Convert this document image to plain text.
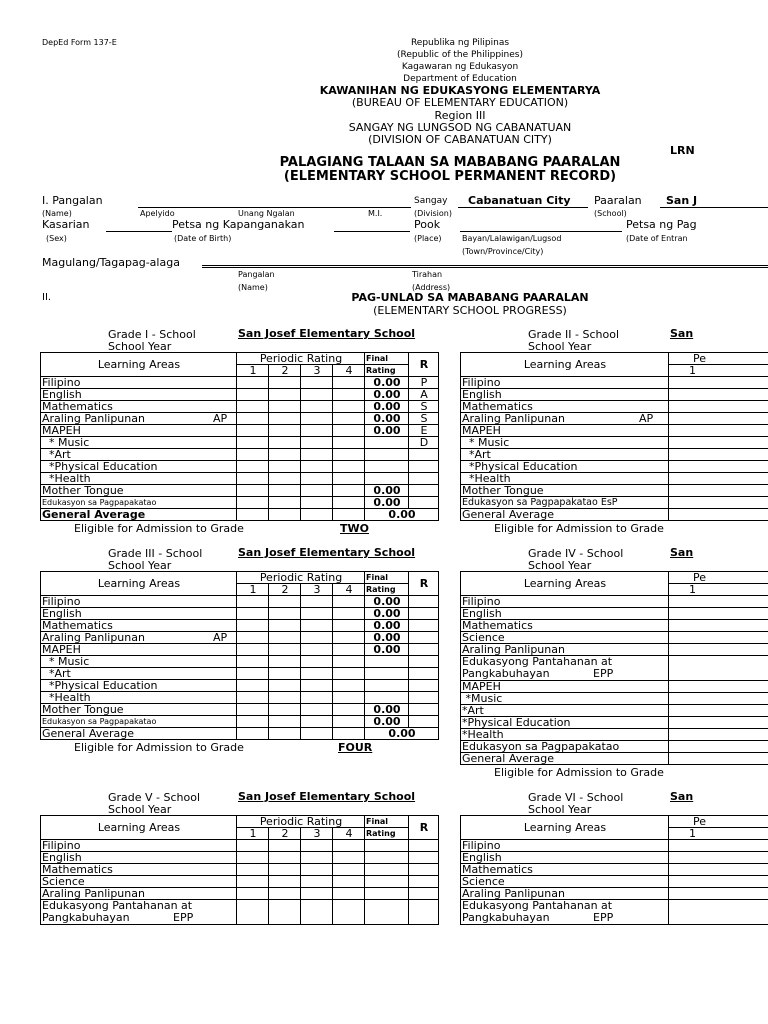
DepEd Form 137-E	Republika ng Pilipinas
(Republic of the Philippines)
Kagawaran ng Edukasyon
Department of Education
KAWANIHAN NG EDUKASYONG ELEMENTARYA
(BUREAU OF ELEMENTARY EDUCATION)
Region III
SANGAY NG LUNGSOD NG CABANATUAN
(DIVISION OF CABANATUAN CITY)
LRN
PALAGIANG TALAAN SA MABABANG PAARALAN
(ELEMENTARY SCHOOL PERMANENT RECORD)
I. Pangalan
(Name)	Apelyido	Unang Ngalan	M.I.
Sangay Cabanatuan City
(Division)
Paaralan San J
(School)
Kasarian	Petsa ng Kapanganakan	Pook	Petsa ng Pag
(Sex)	(Date of Birth)	(Place)	Bayan/Lalawigan/Lugsod
(Town/Province/City)
(Date of Entran
Magulang/Tagapag-alaga
Pangalan
(Name)
Tirahan
(Address)
II.	PAG-UNLAD SA MABABANG PAARALAN
(ELEMENTARY SCHOOL PROGRESS)
Grade I - School
School Year
San Josef Elementary School
Learning Areas	Periodic Rating				Final	R
	1	2	3	4	Rating	
Filipino					0.00	P
English					0.00	A
Mathematics					0.00	S
Araling Panlipunan AP					0.00	S
MAPEH					0.00	E
* Music						D
*Art						
*Physical Education						
*Health						
Mother Tongue					0.00	
Edukasyon sa Pagpapakatao					0.00	
General Average					0.00	
Eligible for Admission to Grade	TWO
Grade II - School
School Year
San
Learning Areas	Pe
	1
Filipino	
English	
Mathematics	
Araling Panlipunan AP	

MAPEH	
* Music	
*Art	
*Physical Education	
*Health	
Mother Tongue	
Edukasyon sa Pagpapakatao EsP	
General Average	
Eligible for Admission to Grade
Grade III - School
School Year
San Josef Elementary School
Learning Areas	Periodic Rating				Final	R
	1	2	3	4	Rating	
Filipino					0.00	
English					0.00	
Mathematics					0.00	
Araling Panlipunan AP					0.00	
MAPEH					0.00	
* Music						
*Art						
*Physical Education						
*Health						
Mother Tongue					0.00	
Edukasyon sa Pagpapakatao					0.00	
General Average					0.00	
Eligible for Admission to Grade	FOUR
Grade IV - School
School Year
San
Learning Areas	Pe
	1
Filipino	
English	
Mathematics	
Science	
Araling Panlipunan	
Edukasyong Pantahanan at
Pangkabuhayan EPP	

MAPEH	
*Music	
*Art	
*Physical Education	
*Health	
Edukasyon sa Pagpapakatao	
General Average	
Eligible for Admission to Grade
Grade V - School
School Year
San Josef Elementary School
Learning Areas	Periodic Rating				Final	R
	1	2	3	4	Rating	
Filipino						
English						
Mathematics						
Science						
Araling Panlipunan						
Edukasyong Pantahanan at
Pangkabuhayan EPP						

Grade VI - School
School Year
San
Learning Areas	Pe
	1
Filipino	
English	
Mathematics	
Science	
Araling Panlipunan	
Edukasyong Pantahanan at
Pangkabuhayan EPP	
